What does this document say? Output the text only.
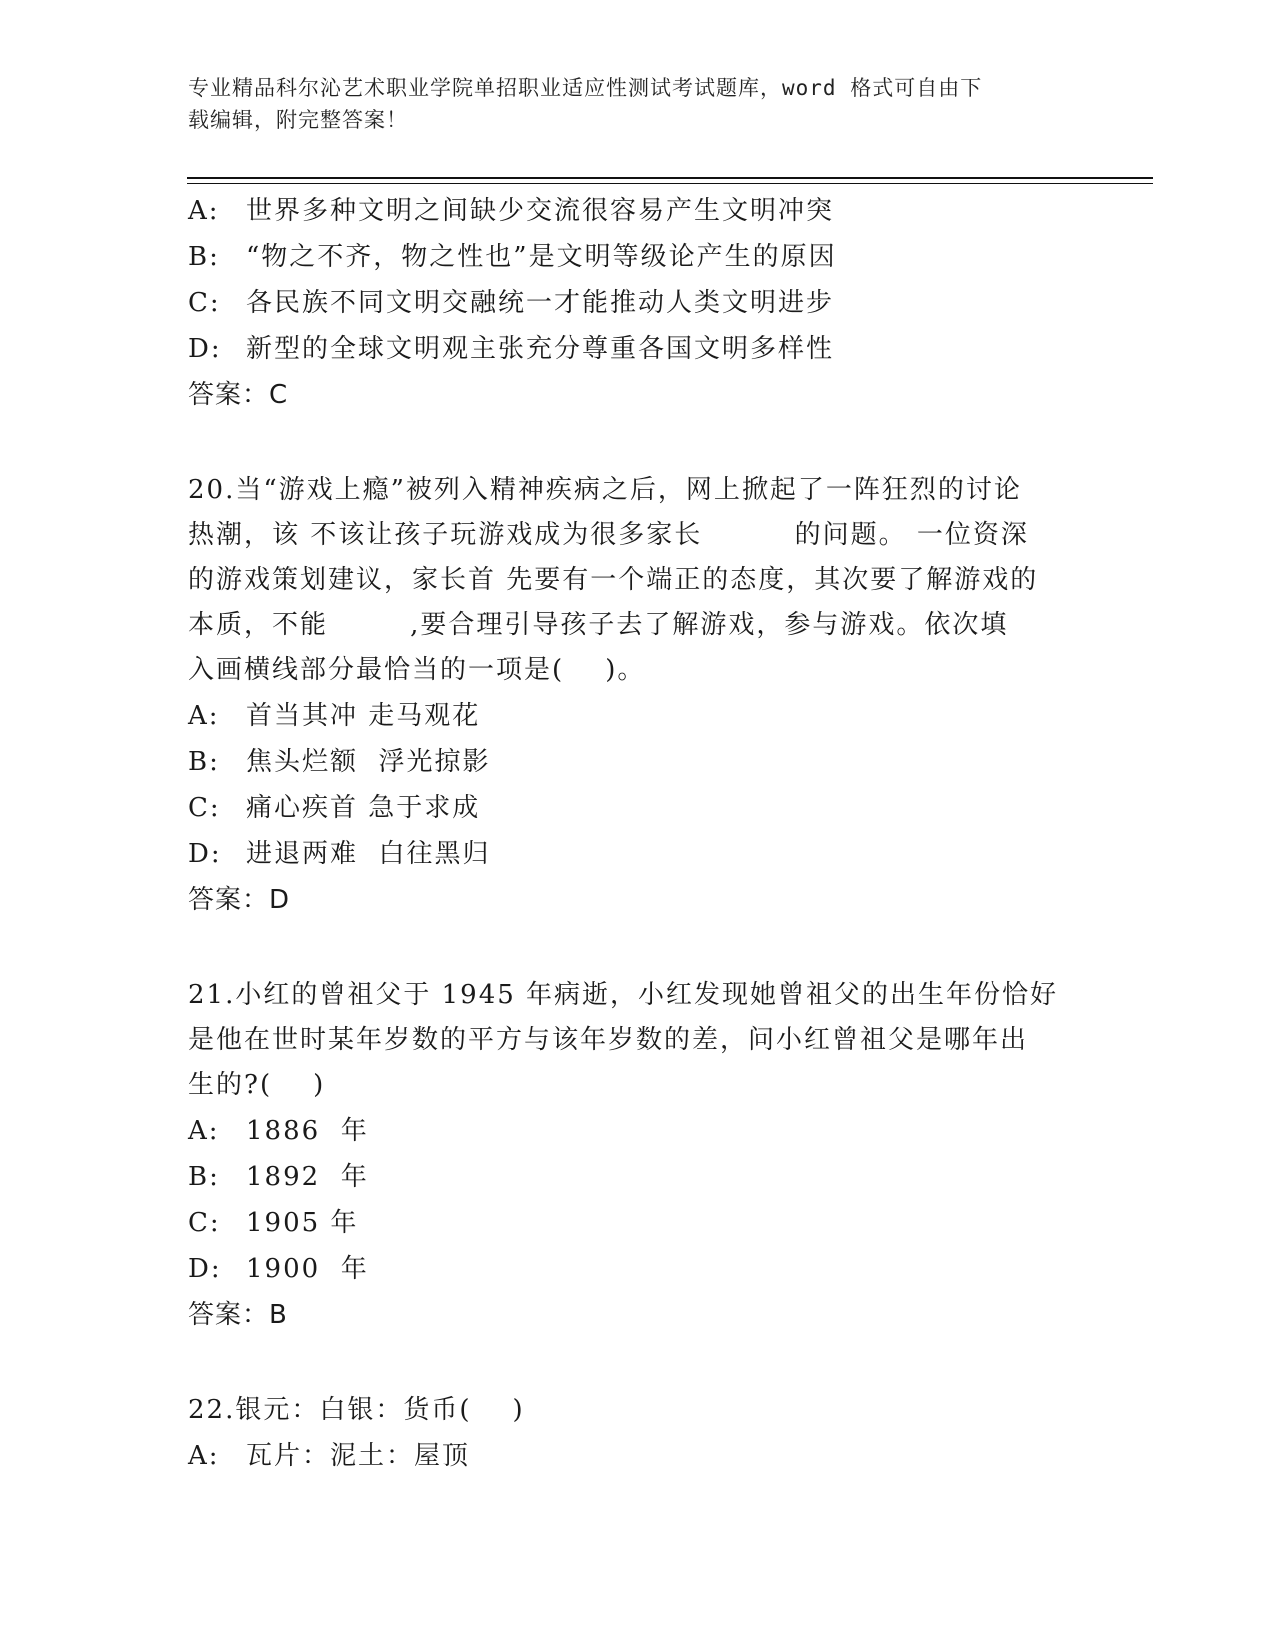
专业精品科尔沁艺术职业学院单招职业适应性测试考试题库，word 格式可自由下
载编辑，附完整答案！
A:	世界多种文明之间缺少交流很容易产生文明冲突
B:	“物之不齐，物之性也”是文明等级论产生的原因
C: 各民族不同文明交融统一才能推动人类文明进步
D: 新型的全球文明观主张充分尊重各国文明多样性
答案：C
20.当“游戏上瘾”被列入精神疾病之后，网上掀起了一阵狂烈的讨论
热潮，该 不该让孩子玩游戏成为很多家长         的问题。 一位资深
的游戏策划建议，家长首 先要有一个端正的态度，其次要了解游戏的
本质，不能        ,要合理引导孩子去了解游戏，参与游戏。依次填
入画横线部分最恰当的一项是(    )。
A:	首当其冲 走马观花
B:	焦头烂额  浮光掠影
C: 痛心疾首 急于求成
D: 进退两难  白往黑归
答案：D
21.小红的曾祖父于 1945 年病逝，小红发现她曾祖父的出生年份恰好
是他在世时某年岁数的平方与该年岁数的差，问小红曾祖父是哪年出
生的?(    )
A:	1886  年
B:	1892  年
C: 1905 年
D: 1900  年
答案：B
22.银元：白银：货币(    )
A:	瓦片：泥土：屋顶
